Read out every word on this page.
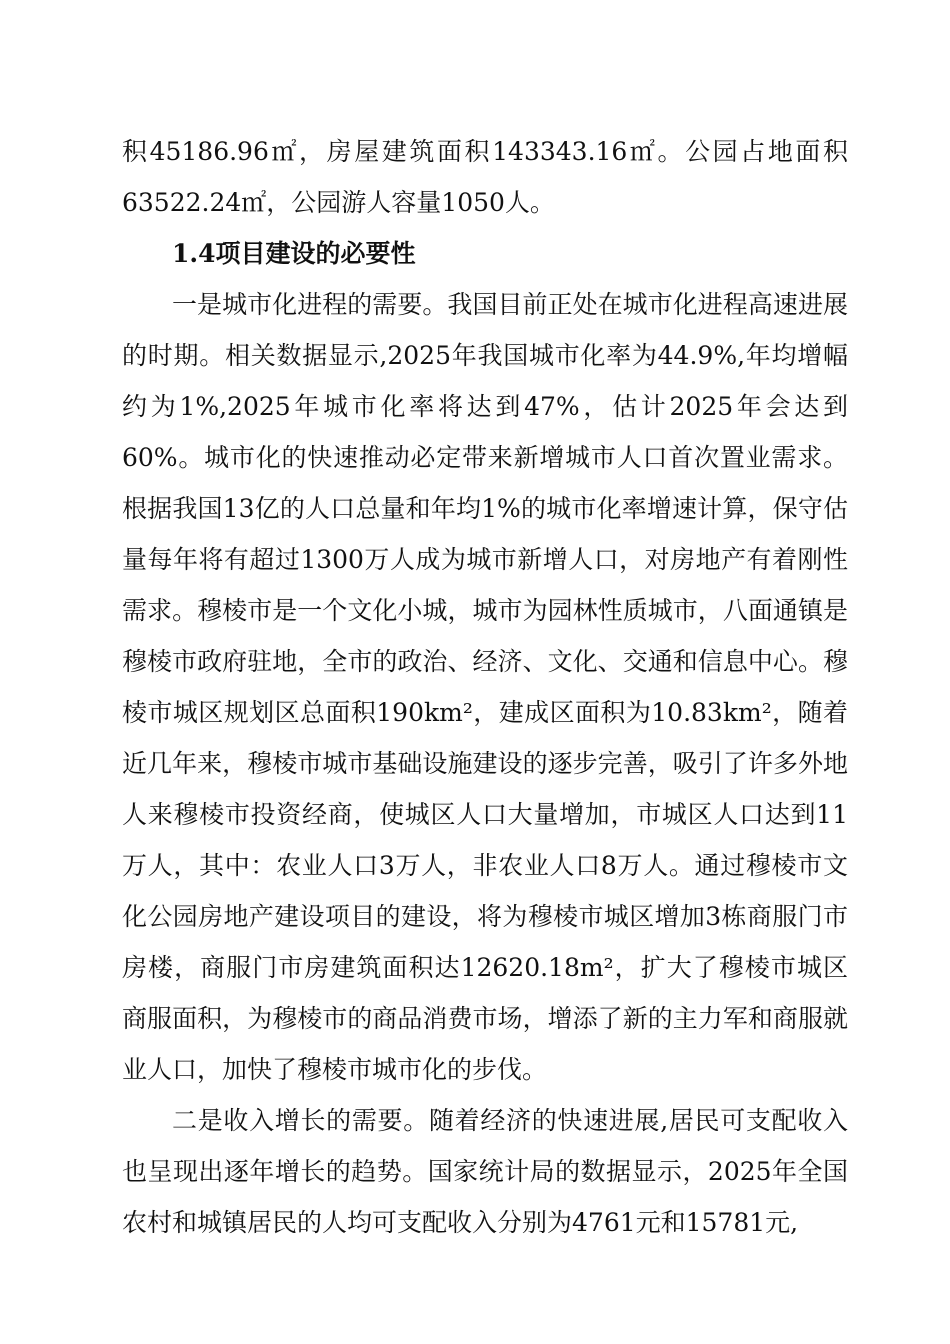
积45186.96㎡，房屋建筑面积143343.16㎡。公园占地面积63522.24㎡，公园游人容量1050人。

1.4项目建设的必要性

一是城市化进程的需要。我国目前正处在城市化进程高速进展的时期。相关数据显示,2025年我国城市化率为44.9%,年均增幅约为1%,2025年城市化率将达到47%，估计2025年会达到60%。城市化的快速推动必定带来新增城市人口首次置业需求。根据我国13亿的人口总量和年均1%的城市化率增速计算，保守估量每年将有超过1300万人成为城市新增人口，对房地产有着刚性需求。穆棱市是一个文化小城，城市为园林性质城市，八面通镇是穆棱市政府驻地，全市的政治、经济、文化、交通和信息中心。穆棱市城区规划区总面积190km²，建成区面积为10.83km²，随着近几年来，穆棱市城市基础设施建设的逐步完善，吸引了许多外地人来穆棱市投资经商，使城区人口大量增加，市城区人口达到11万人，其中：农业人口3万人，非农业人口8万人。通过穆棱市文化公园房地产建设项目的建设，将为穆棱市城区增加3栋商服门市房楼，商服门市房建筑面积达12620.18m²，扩大了穆棱市城区商服面积，为穆棱市的商品消费市场，增添了新的主力军和商服就业人口，加快了穆棱市城市化的步伐。

二是收入增长的需要。随着经济的快速进展,居民可支配收入也呈现出逐年增长的趋势。国家统计局的数据显示，2025年全国农村和城镇居民的人均可支配收入分别为4761元和15781元,
